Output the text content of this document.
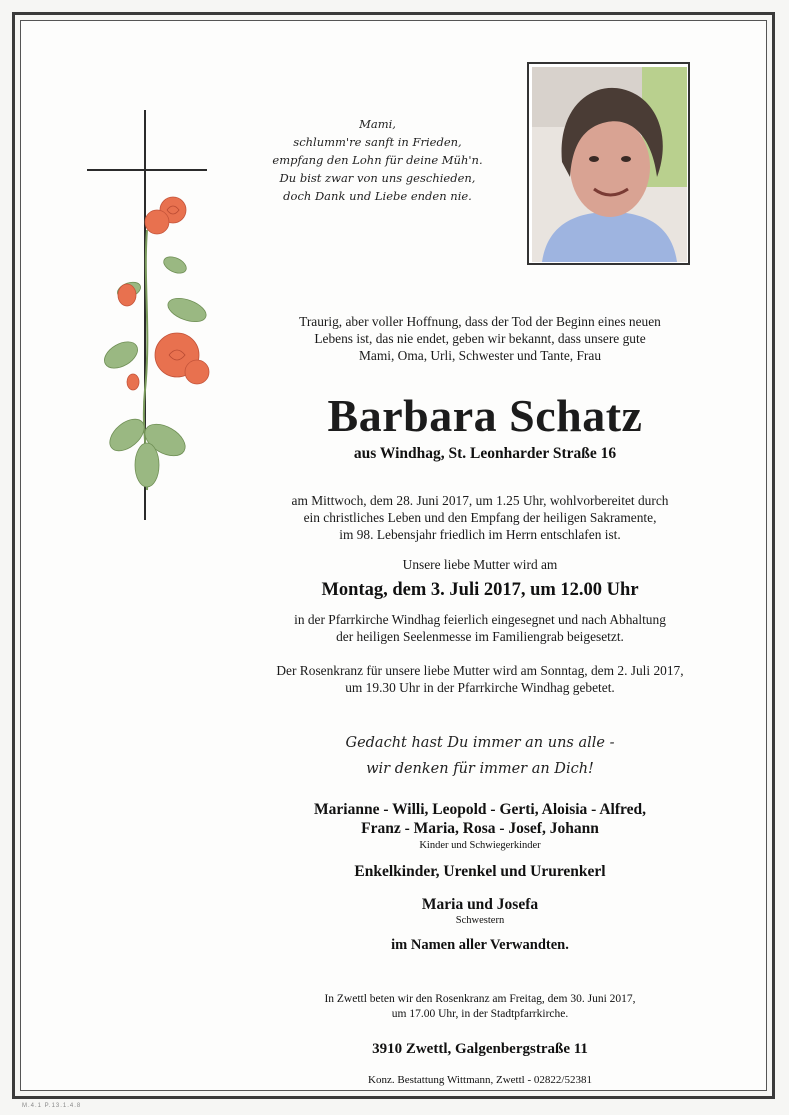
Mami,
schlumm're sanft in Frieden,
empfang den Lohn für deine Müh'n.
Du bist zwar von uns geschieden,
doch Dank und Liebe enden nie.
Traurig, aber voller Hoffnung, dass der Tod der Beginn eines neuen
Lebens ist, das nie endet, geben wir bekannt, dass unsere gute
Mami, Oma, Urli, Schwester und Tante, Frau
Barbara Schatz
aus Windhag, St. Leonharder Straße 16
am Mittwoch, dem 28. Juni 2017, um 1.25 Uhr, wohlvorbereitet durch
ein christliches Leben und den Empfang der heiligen Sakramente,
im 98. Lebensjahr friedlich im Herrn entschlafen ist.
Unsere liebe Mutter wird am
Montag, dem 3. Juli 2017, um 12.00 Uhr
in der Pfarrkirche Windhag feierlich eingesegnet und nach Abhaltung
der heiligen Seelenmesse im Familiengrab beigesetzt.
Der Rosenkranz für unsere liebe Mutter wird am Sonntag, dem 2. Juli 2017,
um 19.30 Uhr in der Pfarrkirche Windhag gebetet.
Gedacht hast Du immer an uns alle -
wir denken für immer an Dich!
Marianne - Willi, Leopold - Gerti, Aloisia - Alfred,
Franz - Maria, Rosa - Josef, Johann
Kinder und Schwiegerkinder
Enkelkinder, Urenkel und Ururenkerl
Maria und Josefa
Schwestern
im Namen aller Verwandten.
In Zwettl beten wir den Rosenkranz am Freitag, dem 30. Juni 2017,
um 17.00 Uhr, in der Stadtpfarrkirche.
3910 Zwettl, Galgenbergstraße 11
Konz. Bestattung Wittmann, Zwettl - 02822/52381
M.4.1 P.13.1.4.8
